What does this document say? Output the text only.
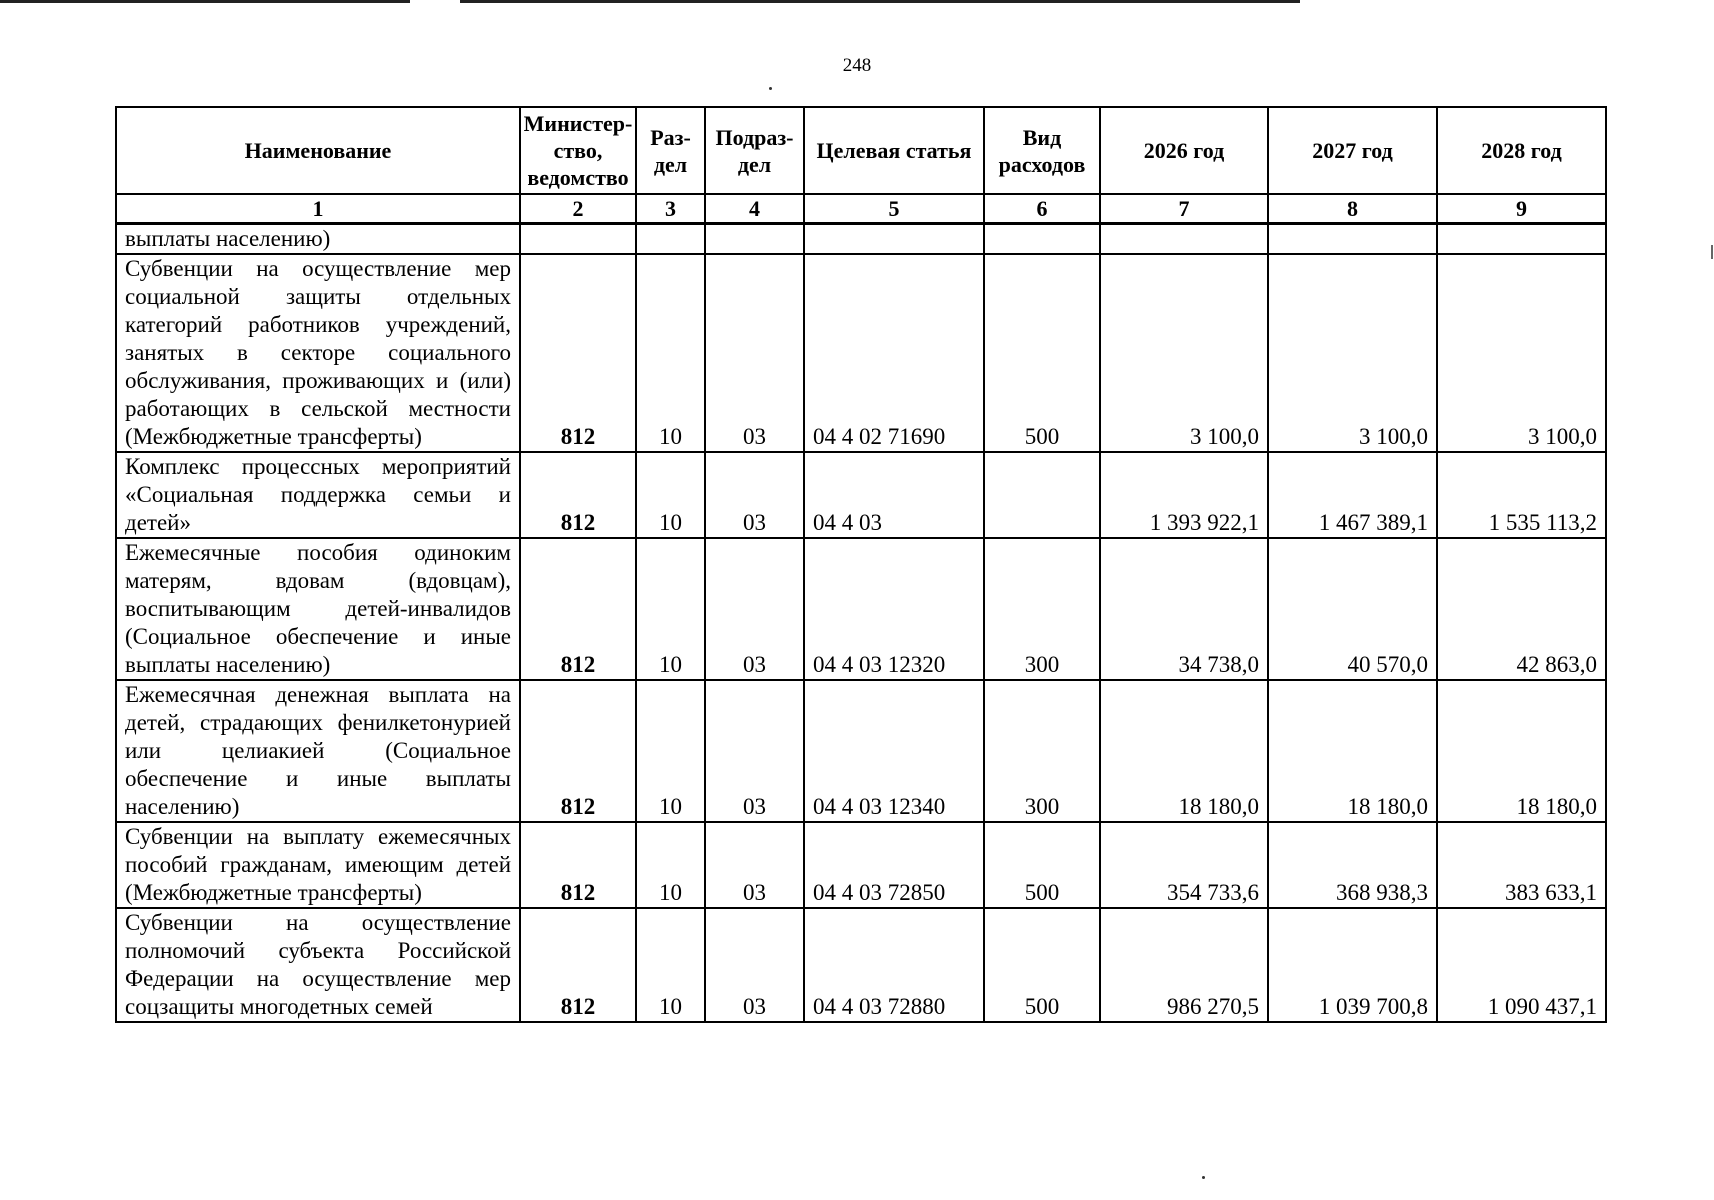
248
Наименование	Министер-ство, ведомство	Раз-дел	Подраз-дел	Целевая статья	Вид расходов	2026 год	2027 год	2028 год
1	2	3	4	5	6	7	8	9
выплаты населению)								
Субвенции на осуществление мер социальной защиты отдельных категорий работников учреждений, занятых в секторе социального обслуживания, проживающих и (или) работающих в сельской местности (Межбюджетные трансферты)	812	10	03	04 4 02 71690	500	3 100,0	3 100,0	3 100,0
Комплекс процессных мероприятий «Социальная поддержка семьи и детей»	812	10	03	04 4 03		1 393 922,1	1 467 389,1	1 535 113,2
Ежемесячные пособия одиноким матерям, вдовам (вдовцам), воспитывающим детей-инвалидов (Социальное обеспечение и иные выплаты населению)	812	10	03	04 4 03 12320	300	34 738,0	40 570,0	42 863,0
Ежемесячная денежная выплата на детей, страдающих фенилкетонурией или целиакией (Социальное обеспечение и иные выплаты населению)	812	10	03	04 4 03 12340	300	18 180,0	18 180,0	18 180,0
Субвенции на выплату ежемесячных пособий гражданам, имеющим детей (Межбюджетные трансферты)	812	10	03	04 4 03 72850	500	354 733,6	368 938,3	383 633,1
Субвенции на осуществление полномочий субъекта Российской Федерации на осуществление мер соцзащиты многодетных семей	812	10	03	04 4 03 72880	500	986 270,5	1 039 700,8	1 090 437,1
